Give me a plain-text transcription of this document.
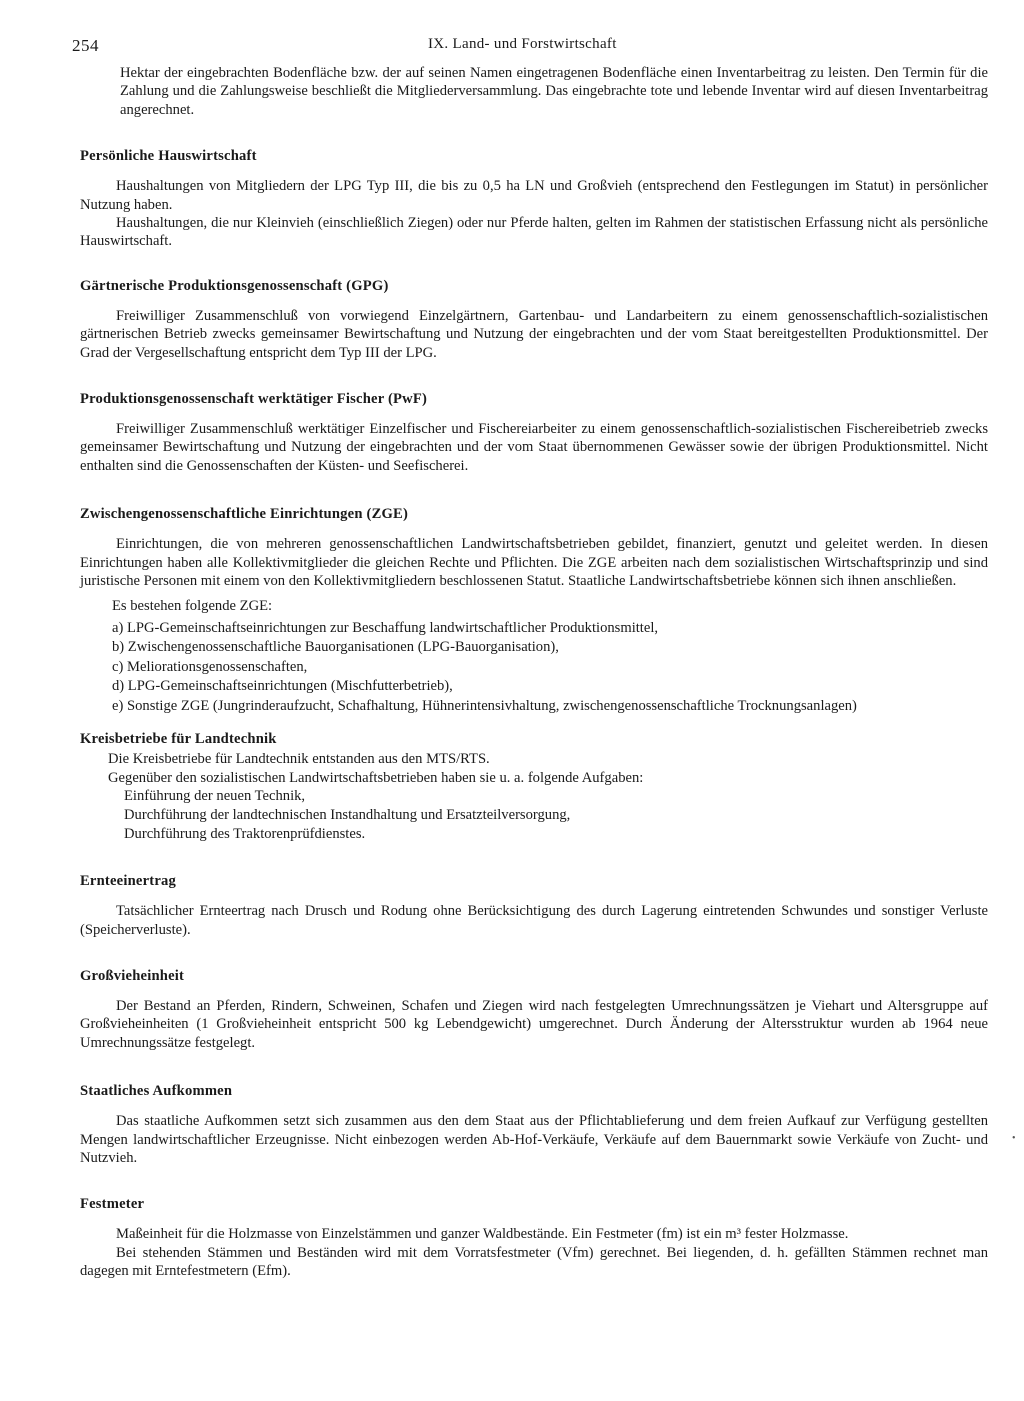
254	IX. Land- und Forstwirtschaft

Hektar der eingebrachten Bodenfläche bzw. der auf seinen Namen eingetragenen Bodenfläche einen Inventarbeitrag zu leisten. Den Termin für die Zahlung und die Zahlungsweise beschließt die Mitgliederversammlung. Das eingebrachte tote und lebende Inventar wird auf diesen Inventarbeitrag angerechnet.

Persönliche Hauswirtschaft

Haushaltungen von Mitgliedern der LPG Typ III, die bis zu 0,5 ha LN und Großvieh (entsprechend den Festlegungen im Statut) in persönlicher Nutzung haben.

Haushaltungen, die nur Kleinvieh (einschließlich Ziegen) oder nur Pferde halten, gelten im Rahmen der statistischen Erfassung nicht als persönliche Hauswirtschaft.

Gärtnerische Produktionsgenossenschaft (GPG)

Freiwilliger Zusammenschluß von vorwiegend Einzelgärtnern, Gartenbau- und Landarbeitern zu einem genossenschaftlich-sozialistischen gärtnerischen Betrieb zwecks gemeinsamer Bewirtschaftung und Nutzung der eingebrachten und der vom Staat bereitgestellten Produktionsmittel. Der Grad der Vergesellschaftung entspricht dem Typ III der LPG.

Produktionsgenossenschaft werktätiger Fischer (PwF)

Freiwilliger Zusammenschluß werktätiger Einzelfischer und Fischereiarbeiter zu einem genossenschaftlich-sozialistischen Fischereibetrieb zwecks gemeinsamer Bewirtschaftung und Nutzung der eingebrachten und der vom Staat übernommenen Gewässer sowie der übrigen Produktionsmittel. Nicht enthalten sind die Genossenschaften der Küsten- und Seefischerei.

Zwischengenossenschaftliche Einrichtungen (ZGE)

Einrichtungen, die von mehreren genossenschaftlichen Landwirtschaftsbetrieben gebildet, finanziert, genutzt und geleitet werden. In diesen Einrichtungen haben alle Kollektivmitglieder die gleichen Rechte und Pflichten. Die ZGE arbeiten nach dem sozialistischen Wirtschaftsprinzip und sind juristische Personen mit einem von den Kollektivmitgliedern beschlossenen Statut. Staatliche Landwirtschaftsbetriebe können sich ihnen anschließen.

Es bestehen folgende ZGE:
a) LPG-Gemeinschaftseinrichtungen zur Beschaffung landwirtschaftlicher Produktionsmittel,
b) Zwischengenossenschaftliche Bauorganisationen (LPG-Bauorganisation),
c) Meliorationsgenossenschaften,
d) LPG-Gemeinschaftseinrichtungen (Mischfutterbetrieb),
e) Sonstige ZGE (Jungrinderaufzucht, Schafhaltung, Hühnerintensivhaltung, zwischengenossenschaftliche Trocknungsanlagen)
Kreisbetriebe für Landtechnik

Die Kreisbetriebe für Landtechnik entstanden aus den MTS/RTS.

Gegenüber den sozialistischen Landwirtschaftsbetrieben haben sie u. a. folgende Aufgaben:

Einführung der neuen Technik,
Durchführung der landtechnischen Instandhaltung und Ersatzteilversorgung,
Durchführung des Traktorenprüfdienstes.
Ernteeinertrag

Tatsächlicher Ernteertrag nach Drusch und Rodung ohne Berücksichtigung des durch Lagerung eintretenden Schwundes und sonstiger Verluste (Speicherverluste).

Großvieheinheit

Der Bestand an Pferden, Rindern, Schweinen, Schafen und Ziegen wird nach festgelegten Umrechnungssätzen je Viehart und Altersgruppe auf Großvieheinheiten (1 Großvieheinheit entspricht 500 kg Lebendgewicht) umgerechnet. Durch Änderung der Altersstruktur wurden ab 1964 neue Umrechnungssätze festgelegt.

Staatliches Aufkommen

Das staatliche Aufkommen setzt sich zusammen aus den dem Staat aus der Pflichtablieferung und dem freien Aufkauf zur Verfügung gestellten Mengen landwirtschaftlicher Erzeugnisse. Nicht einbezogen werden Ab-Hof-Verkäufe, Verkäufe auf dem Bauernmarkt sowie Verkäufe von Zucht- und Nutzvieh.

Festmeter

Maßeinheit für die Holzmasse von Einzelstämmen und ganzer Waldbestände. Ein Festmeter (fm) ist ein m³ fester Holzmasse.

Bei stehenden Stämmen und Beständen wird mit dem Vorratsfestmeter (Vfm) gerechnet. Bei liegenden, d. h. gefällten Stämmen rechnet man dagegen mit Erntefestmetern (Efm).

•
